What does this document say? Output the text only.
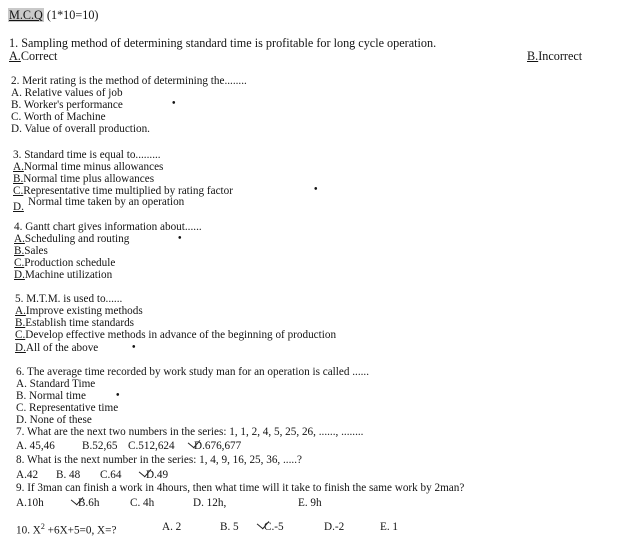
M.C.Q (1*10=10)
1. Sampling method of determining standard time is profitable for long cycle operation.
A.Correct	B.Incorrect
2. Merit rating is the method of determining the........
A. Relative values of job
B. Worker's performance	•
C. Worth of Machine
D. Value of overall production.
3. Standard time is equal to.........
A.Normal time minus allowances
B.Normal time plus allowances
C.Representative time multiplied by rating factor	•
D. Normal time taken by an operation
4. Gantt chart gives information about......
A.Scheduling and routing	•
B.Sales
C.Production schedule
D.Machine utilization
5. M.T.M. is used to......
A.Improve existing methods
B.Establish time standards
C.Develop effective methods in advance of the beginning of production
D.All of the above	•
6. The average time recorded by work study man for an operation is called ......
A. Standard Time
B. Normal time	•
C. Representative time
D. None of these
7. What are the next two numbers in the series: 1, 1, 2, 4, 5, 25, 26, ......, ........
A. 45,46 B.52,65 C.512,624 D.676,677
8. What is the next number in the series: 1, 4, 9, 16, 25, 36, .....?
A.42 B. 48 C.64 D.49
9. If 3man can finish a work in 4hours, then what time will it take to finish the same work by 2man?
A.10h	B.6h	C. 4h	D. 12h,	E. 9h
10. $X^2 +6X+5=0$, X=?	A. 2	B. 5 C.-5	D.-2	E. 1
